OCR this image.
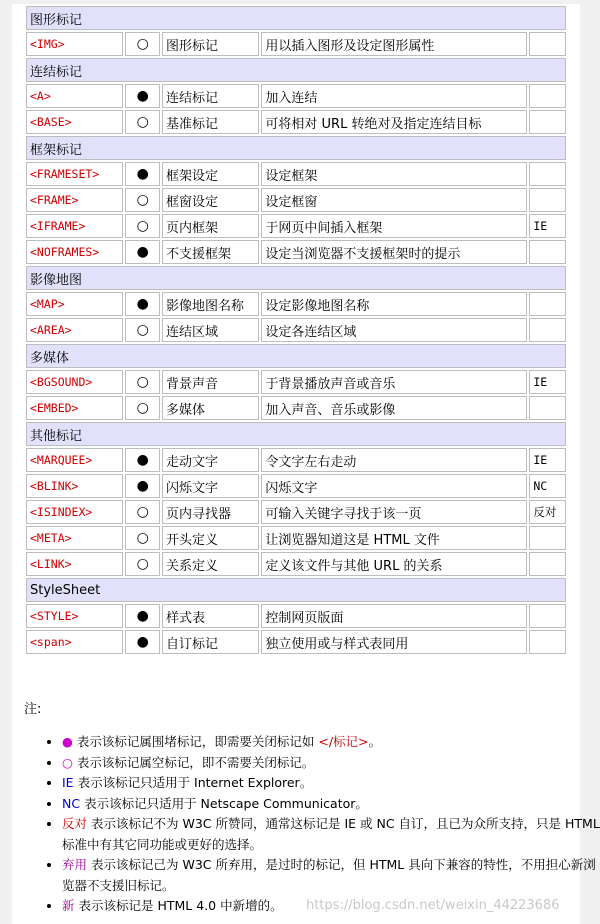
图形标记				
<IMG>	○	图形标记	用以插入图形及设定图形属性	
连结标记				
<A>	●	连结标记	加入连结	
<BASE>	○	基准标记	可将相对 URL 转绝对及指定连结目标	
框架标记				
<FRAMESET>	●	框架设定	设定框架	
<FRAME>	○	框窗设定	设定框窗	
<IFRAME>	○	页内框架	于网页中间插入框架	IE
<NOFRAMES>	●	不支援框架	设定当浏览器不支援框架时的提示	
影像地图				
<MAP>	●	影像地图名称	设定影像地图名称	
<AREA>	○	连结区域	设定各连结区域	
多媒体				
<BGSOUND>	○	背景声音	于背景播放声音或音乐	IE
<EMBED>	○	多媒体	加入声音、音乐或影像	
其他标记				
<MARQUEE>	●	走动文字	令文字左右走动	IE
<BLINK>	●	闪烁文字	闪烁文字	NC
<ISINDEX>	○	页内寻找器	可输入关键字寻找于该一页	反对
<META>	○	开头定义	让浏览器知道这是 HTML 文件	
<LINK>	○	关系定义	定义该文件与其他 URL 的关系	
StyleSheet				
<STYLE>	●	样式表	控制网页版面	
<span>	●	自订标记	独立使用或与样式表同用	
注:
• ● 表示该标记属围堵标记，即需要关闭标记如 </标记>。
• ○ 表示该标记属空标记，即不需要关闭标记。
• IE 表示该标记只适用于 Internet Explorer。
• NC 表示该标记只适用于 Netscape Communicator。
• 反对 表示该标记不为 W3C 所赞同，通常这标记是 IE 或 NC 自订，且已为众所支持，只是 HTML 标准中有其它同功能或更好的选择。
• 弃用 表示该标记己为 W3C 所弃用，是过时的标记，但 HTML 具向下兼容的特性，不用担心新浏览器不支援旧标记。
• 新 表示该标记是 HTML 4.0 中新增的。	https://blog.csdn.net/weixin_44223686
